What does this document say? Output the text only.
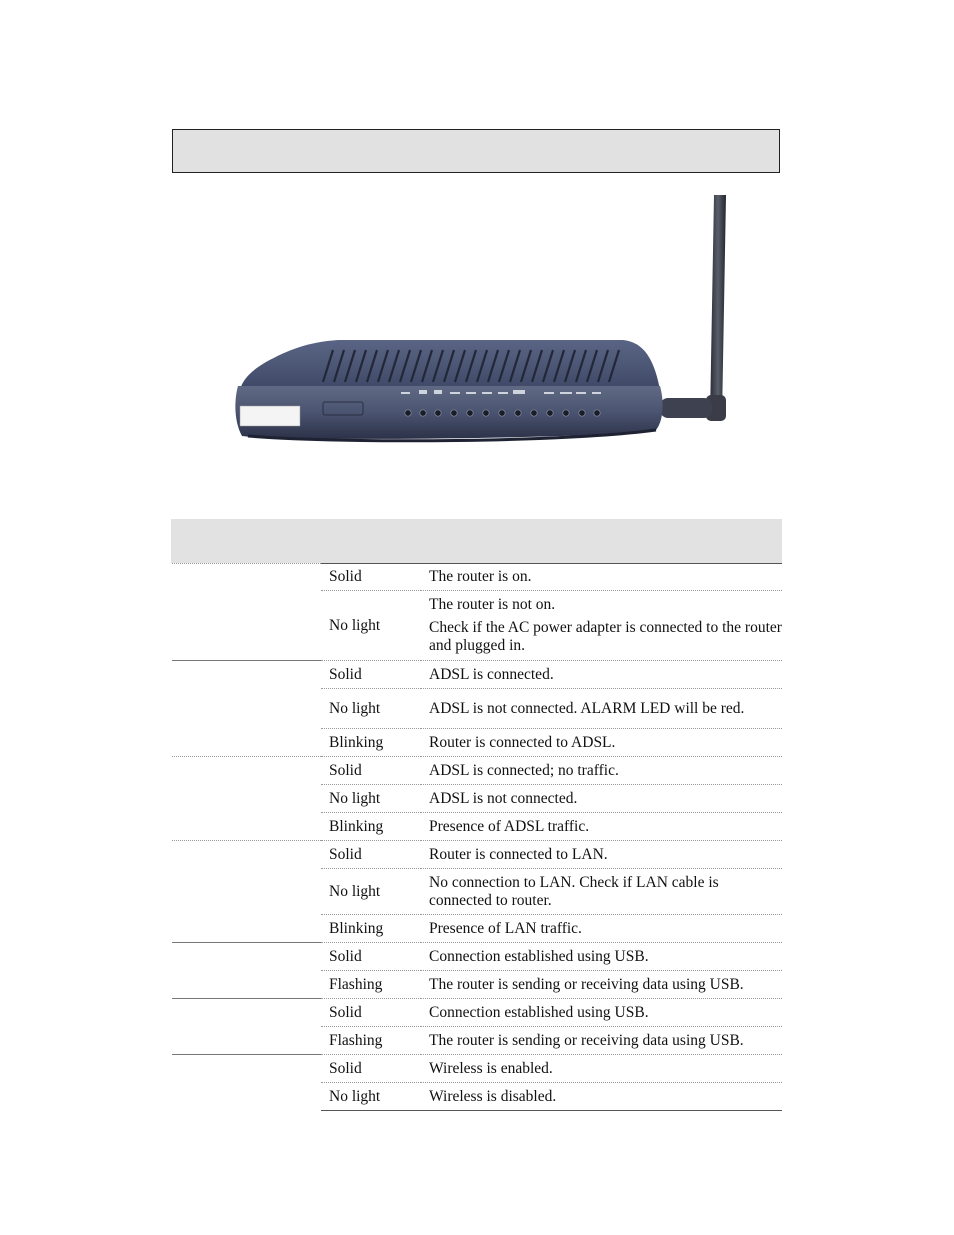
	Solid	The router is on.

	No light	The router is not on.
Check if the AC power adapter is connected to the router and plugged in.

	Solid	ADSL is connected.

	No light	ADSL is not connected. ALARM LED will be red.

	Blinking	Router is connected to ADSL.

	Solid	ADSL is connected; no traffic.

	No light	ADSL is not connected.

	Blinking	Presence of ADSL traffic.

	Solid	Router is connected to LAN.

	No light	No connection to LAN. Check if LAN cable is connected to router.

	Blinking	Presence of LAN traffic.

	Solid	Connection established using USB.

	Flashing	The router is sending or receiving data using USB.

	Solid	Connection established using USB.

	Flashing	The router is sending or receiving data using USB.

	Solid	Wireless is enabled.

	No light	Wireless is disabled.
